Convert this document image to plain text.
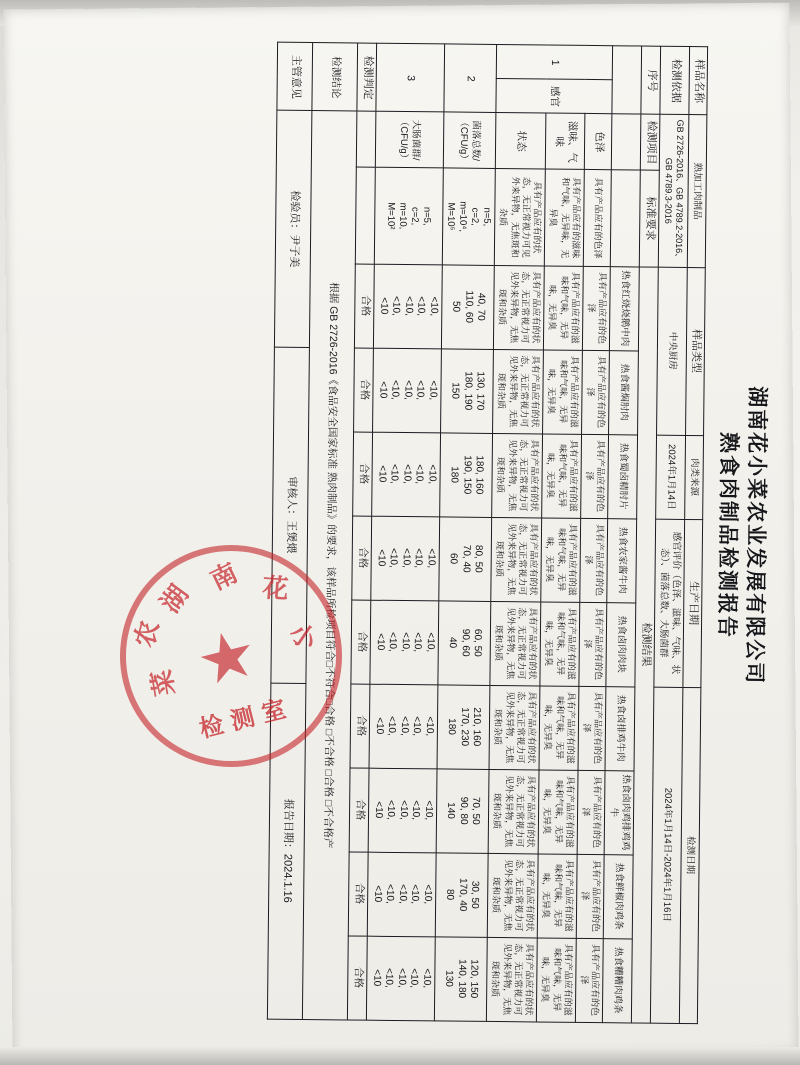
湖南花小菜农业发展有限公司
熟食肉制品检测报告
样品名称		熟加工肉制品		样品类型		肉类来源	生产日期		检测日期			
检测依据		GB 2726-2016、GB 4789.2-2016、GB 4789.3-2016		中央厨房		2024年1月14日	感官评价（色泽、滋味、气味、状态）、菌落总数、大肠菌群		2024年1月14日-2024年1月16日			
序号		检测项目	标准要求	检测结果								
				热食红烧烧鹅中肉	热食酱焖肘肉	热食蜀卤精肘片	热食农家酱牛肉	热食卤肉肉块	热食卤排鸡牛肉	热食卤肉鸡排鸡鸡牛	热食鲜椒肉鸡条	热食糟糟肉鸡条
1	感官	色泽	具有产品应有的色泽	具有产品应有的色泽	具有产品应有的色泽	具有产品应有的色泽	具有产品应有的色泽	具有产品应有的色泽	具有产品应有的色泽	具有产品应有的色泽	具有产品应有的色泽	具有产品应有的色泽
		滋味、气味	具有产品应有的滋味和气味，无异味，无异臭	具有产品应有的滋味和气味，无异味，无异臭	具有产品应有的滋味和气味，无异味，无异臭	具有产品应有的滋味和气味，无异味，无异臭	具有产品应有的滋味和气味，无异味，无异臭	具有产品应有的滋味和气味，无异味，无异臭	具有产品应有的滋味和气味，无异味，无异臭	具有产品应有的滋味和气味，无异味，无异臭	具有产品应有的滋味和气味，无异味，无异臭	具有产品应有的滋味和气味，无异味，无异臭
		状态	具有产品应有的状态，无正常视力可见外来异物，无焦斑和杂质	具有产品应有的状态，无正常视力可见外来异物，无焦斑和杂质	具有产品应有的状态，无正常视力可见外来异物，无焦斑和杂质	具有产品应有的状态，无正常视力可见外来异物，无焦斑和杂质	具有产品应有的状态，无正常视力可见外来异物，无焦斑和杂质	具有产品应有的状态，无正常视力可见外来异物，无焦斑和杂质	具有产品应有的状态，无正常视力可见外来异物，无焦斑和杂质	具有产品应有的状态，无正常视力可见外来异物，无焦斑和杂质	具有产品应有的状态，无正常视力可见外来异物，无焦斑和杂质	具有产品应有的状态，无正常视力可见外来异物，无焦斑和杂质
2		菌落总数/（CFU/g）	n=5,
c=2,
m=10⁴,
M=10⁵	40, 70
110, 60
50	130, 170
180, 190
150	180, 160
190, 150
180	80, 50
70, 40
60	60, 50
90, 60
40	210, 160
170, 230
180	70, 50
90, 80
140	30, 50
170, 40
80	120, 150
140, 180
130
3		大肠菌群/（CFU/g）	n=5,
c=2,
m=10,
M=10²	<10,
<10,
<10,
<10,
<10	<10,
<10,
<10,
<10,
<10	<10,
<10,
<10,
<10,
<10	<10,
<10,
<10,
<10,
<10	<10,
<10,
<10,
<10,
<10	<10,
<10,
<10,
<10,
<10	<10,
<10,
<10,
<10,
<10	<10,
<10,
<10,
<10,
<10	<10,
<10,
<10,
<10,
<10
检测判定				合格	合格	合格	合格	合格	合格	合格	合格	合格
检测结论		根据 GB 2726-2016《食品安全国家标准 熟肉制品》的要求，该样品所检项目符合□不符合□合格 □不合格 □合格 □不合格产										
主管意见		检验员：尹子美			审核人：王煲煨				报告日期：2024.1.16			
湖
南 花
小
菜
农
检测室
